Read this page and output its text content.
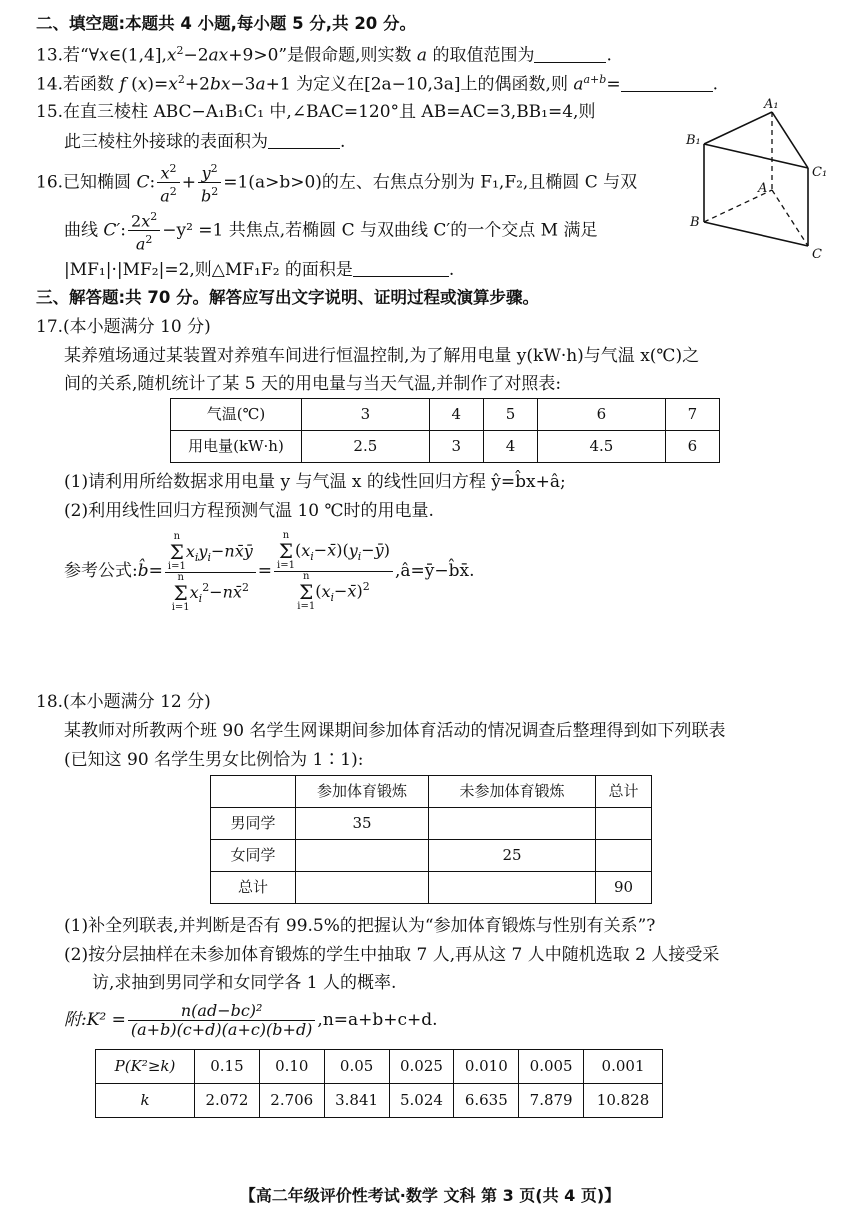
二、填空题:本题共 4 小题,每小题 5 分,共 20 分。
13.若“$\forall x\in(1,4],x^2-2ax+9>0$”是假命题,则实数 a 的取值范围为	.
14.若函数 f $(x)=x^2+2bx-3a+1$ 为定义在[2a−10,3a]上的偶函数,则 $a^{a+b}=$	.
15.在直三棱柱 ABC−A₁B₁C₁ 中,∠BAC=120°且 AB=AC=3,BB₁=4,则
此三棱柱外接球的表面积为	.
16.已知椭圆 C: $\frac{x^2}{a^2} + \frac{y^2}{b^2} =1(a>b>0)$的左、右焦点分别为 F₁,F₂,且椭圆 C 与双
曲线 C′: $\frac{2x^2}{a^2} -y^2 =1$ 共焦点,若椭圆 C 与双曲线 C′的一个交点 M 满足
|MF₁|·|MF₂|=2,则△MF₁F₂ 的面积是	.
A₁
B₁
C₁
A
B
C
三、解答题:共 70 分。解答应写出文字说明、证明过程或演算步骤。
17.(本小题满分 10 分)
某养殖场通过某装置对养殖车间进行恒温控制,为了解用电量 y(kW·h)与气温 x(℃)之
间的关系,随机统计了某 5 天的用电量与当天气温,并制作了对照表:
气温(℃)	3	4	5	6	7
用电量(kW·h)	2.5	3	4	4.5	6
(1)请利用所给数据求用电量 y 与气温 x 的线性回归方程 ŷ=b̂x+â;
(2)利用线性回归方程预测气温 10 ℃时的用电量.
参考公式:b̂= n
Σ
$i=1x_iy_i-nx̄ȳ$
n
Σ
$i=1x_i^2-nx̄^2 = n$
Σ
$i=1(x_i-x̄)(y_i-ȳ)$
n
Σ
$i=1(x_i-x̄)^2$ ,â=ȳ−b̂x̄.
18.(本小题满分 12 分)
某教师对所教两个班 90 名学生网课期间参加体育活动的情况调查后整理得到如下列联表
(已知这 90 名学生男女比例恰为 1∶1):
	参加体育锻炼	未参加体育锻炼	总计
男同学	35		
女同学		25	
总计			90
(1)补全列联表,并判断是否有 99.5%的把握认为“参加体育锻炼与性别有关系”?
(2)按分层抽样在未参加体育锻炼的学生中抽取 7 人,再从这 7 人中随机选取 2 人接受采
访,求抽到男同学和女同学各 1 人的概率.
附:K² = $\frac{\text{n(ad−bc)²}}{(a+b)(c+d)(a+c)(b+d)} ,n=a+b+c+d$.
P(K²≥k)	0.15	0.10	0.05	0.025	0.010	0.005	0.001
k	2.072	2.706	3.841	5.024	6.635	7.879	10.828
【高二年级评价性考试·数学 文科 第 3 页(共 4 页)】
